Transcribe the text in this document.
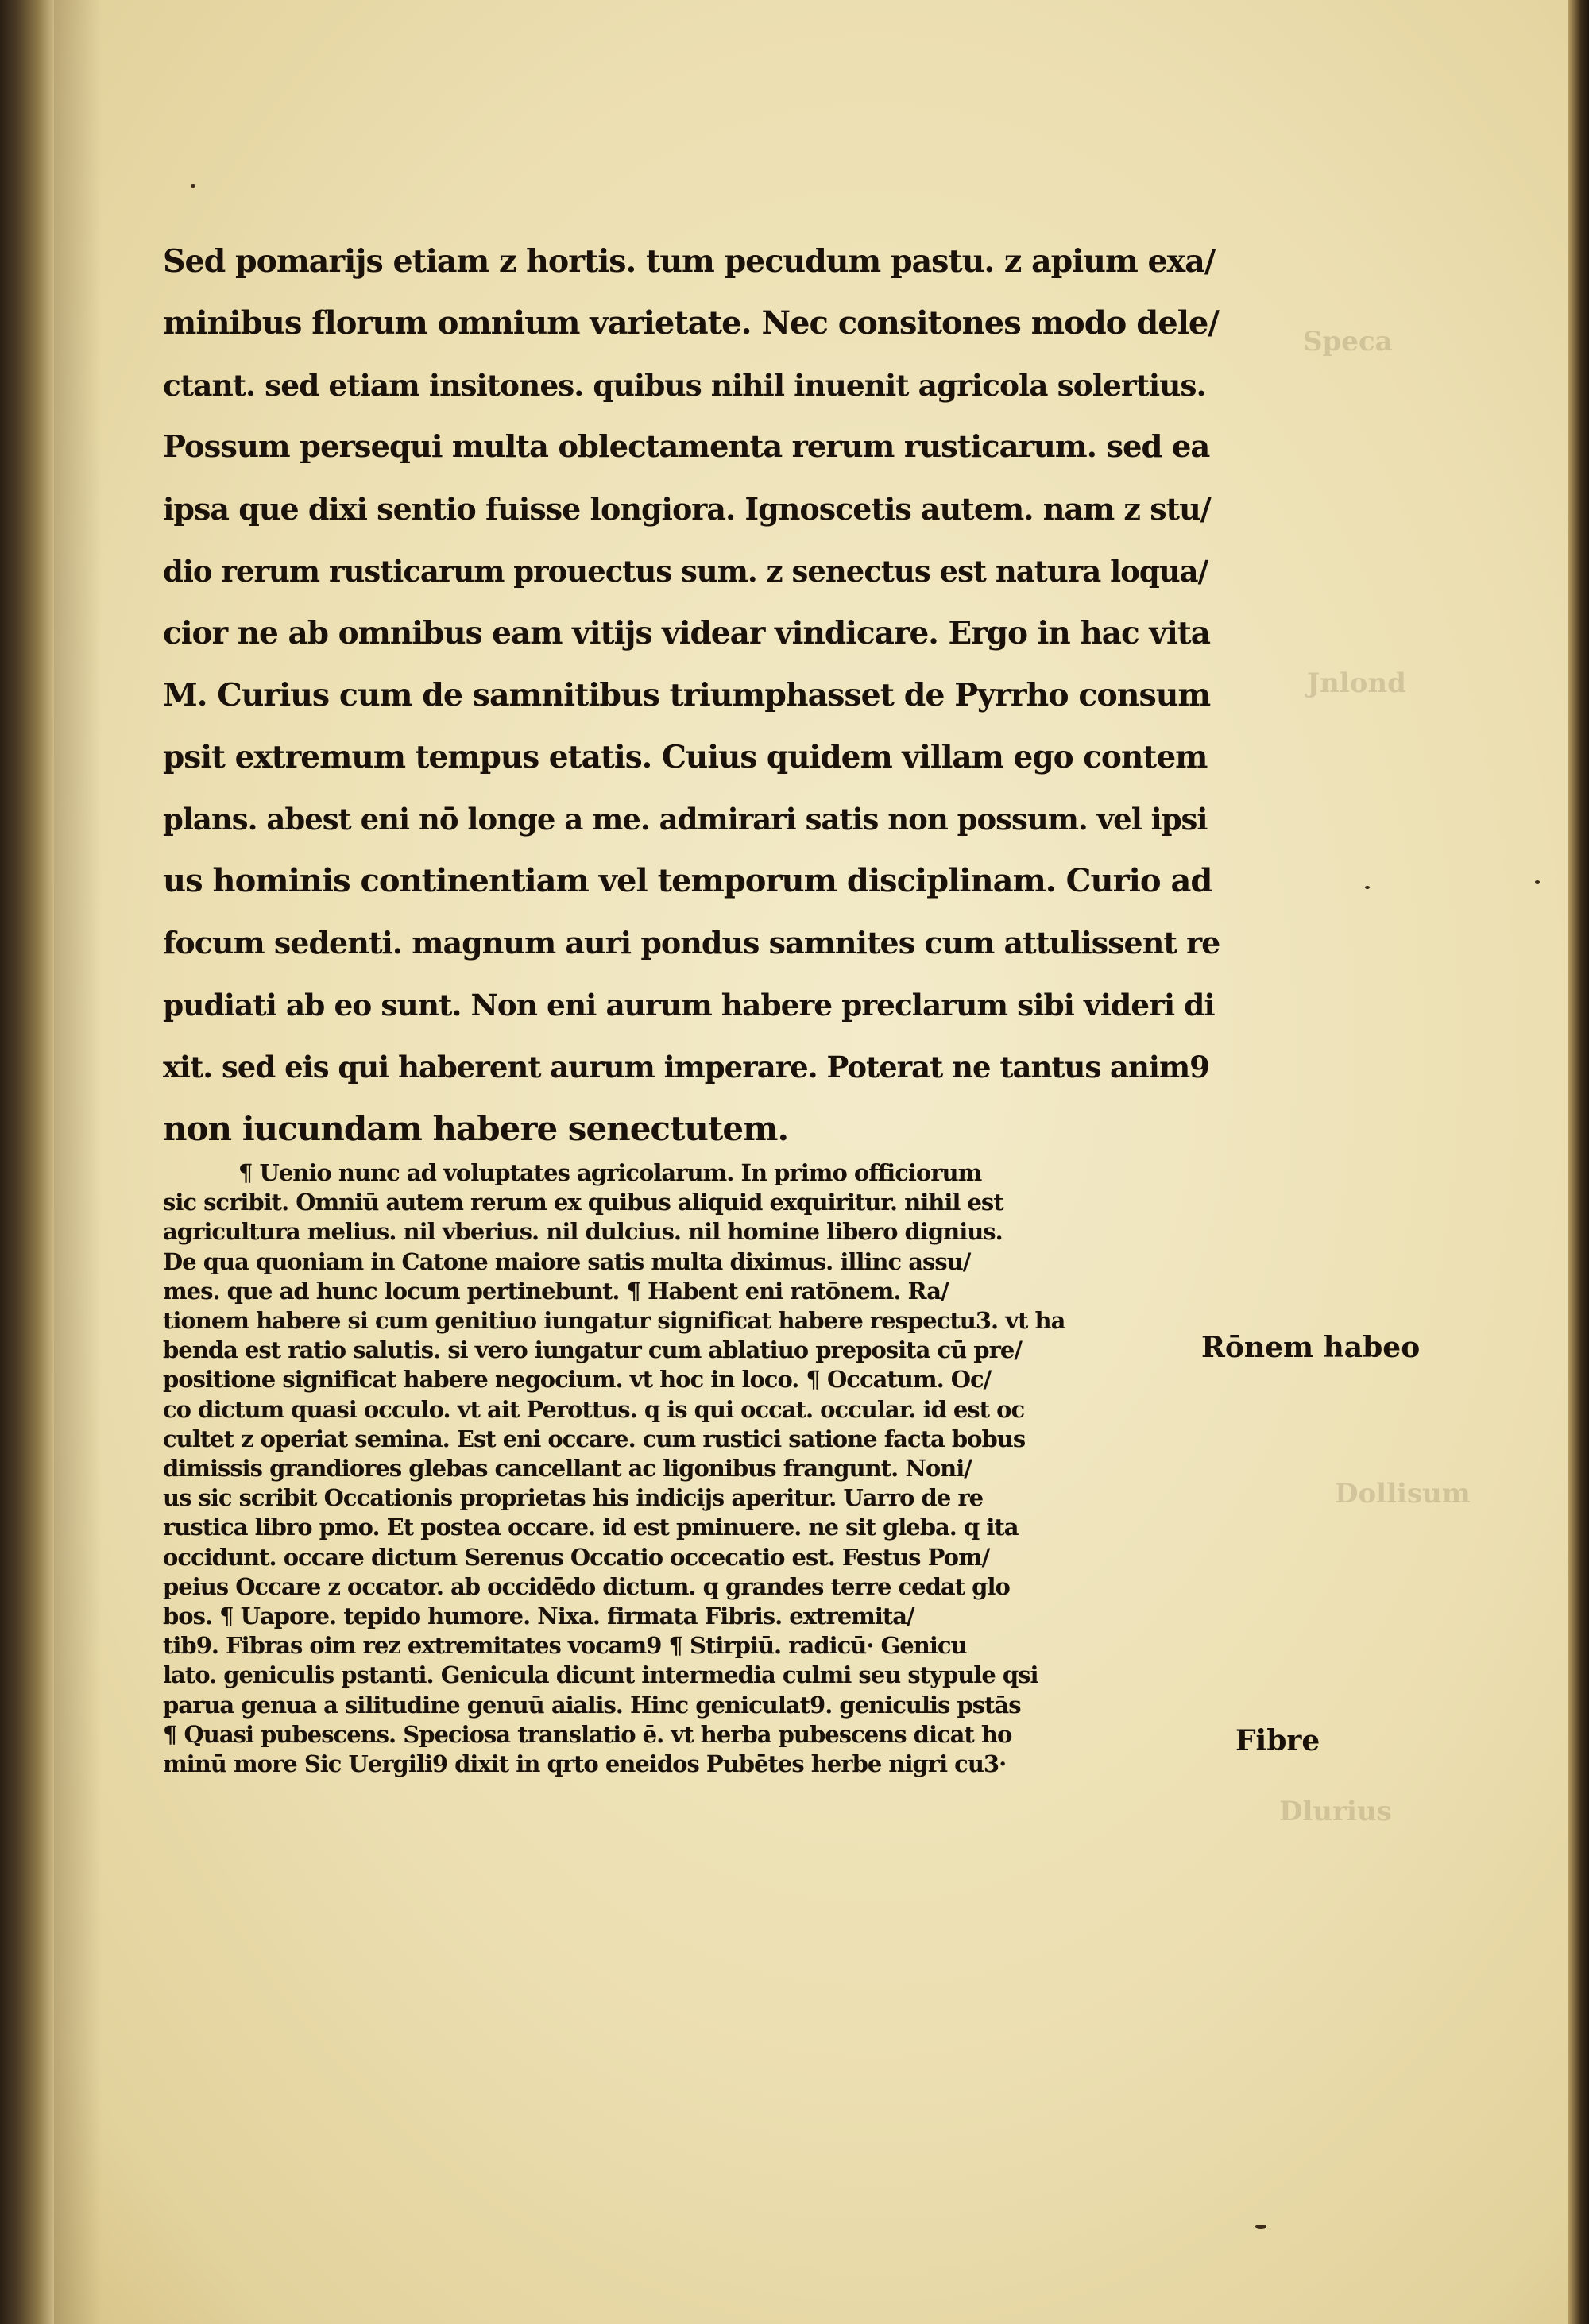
Speca
Jnlond
Dollisum
Dlurius
Sed pomarijs etiam z hortis. tum pecudum pastu. z apium exa/
minibus florum omnium varietate. Nec consitones modo dele/
ctant. sed etiam insitones. quibus nihil inuenit agricola solertius.
Possum persequi multa oblectamenta rerum rusticarum. sed ea
ipsa que dixi sentio fuisse longiora. Ignoscetis autem. nam z stu/
dio rerum rusticarum prouectus sum. z senectus est natura loqua/
cior ne ab omnibus eam vitijs videar vindicare. Ergo in hac vita
M. Curius cum de samnitibus triumphasset de Pyrrho consum
psit extremum tempus etatis. Cuius quidem villam ego contem
plans. abest eni nō longe a me. admirari satis non possum. vel ipsi
us hominis continentiam vel temporum disciplinam. Curio ad
focum sedenti. magnum auri pondus samnites cum attulissent re
pudiati ab eo sunt. Non eni aurum habere preclarum sibi videri di
xit. sed eis qui haberent aurum imperare. Poterat ne tantus anim9
non iucundam habere senectutem.
¶ Uenio nunc ad voluptates agricolarum. In primo officiorum
sic scribit. Omniū autem rerum ex quibus aliquid exquiritur. nihil est
agricultura melius. nil vberius. nil dulcius. nil homine libero dignius.
De qua quoniam in Catone maiore satis multa diximus. illinc assu/
mes. que ad hunc locum pertinebunt. ¶ Habent eni ratōnem. Ra/
tionem habere si cum genitiuo iungatur significat habere respectu3. vt ha
benda est ratio salutis. si vero iungatur cum ablatiuo preposita cū pre/
positione significat habere negocium. vt hoc in loco. ¶ Occatum. Oc/
co dictum quasi occulo. vt ait Perottus. q is qui occat. occular. id est oc
cultet z operiat semina. Est eni occare. cum rustici satione facta bobus
dimissis grandiores glebas cancellant ac ligonibus frangunt. Noni/
us sic scribit Occationis proprietas his indicijs aperitur. Uarro de re
rustica libro pmo. Et postea occare. id est pminuere. ne sit gleba. q ita
occidunt. occare dictum Serenus Occatio occecatio est. Festus Pom/
peius Occare z occator. ab occidēdo dictum. q grandes terre cedat glo
bos. ¶ Uapore. tepido humore. Nixa. firmata Fibris. extremita/
tib9. Fibras oim rez extremitates vocam9 ¶ Stirpiū. radicū· Genicu
lato. geniculis pstanti. Genicula dicunt intermedia culmi seu stypule qsi
parua genua a silitudine genuū aialis. Hinc geniculat9. geniculis pstās
¶ Quasi pubescens. Speciosa translatio ē. vt herba pubescens dicat ho
minū more Sic Uergili9 dixit in qrto eneidos Pubētes herbe nigri cu3·
Rōnem habeo
Fibre
